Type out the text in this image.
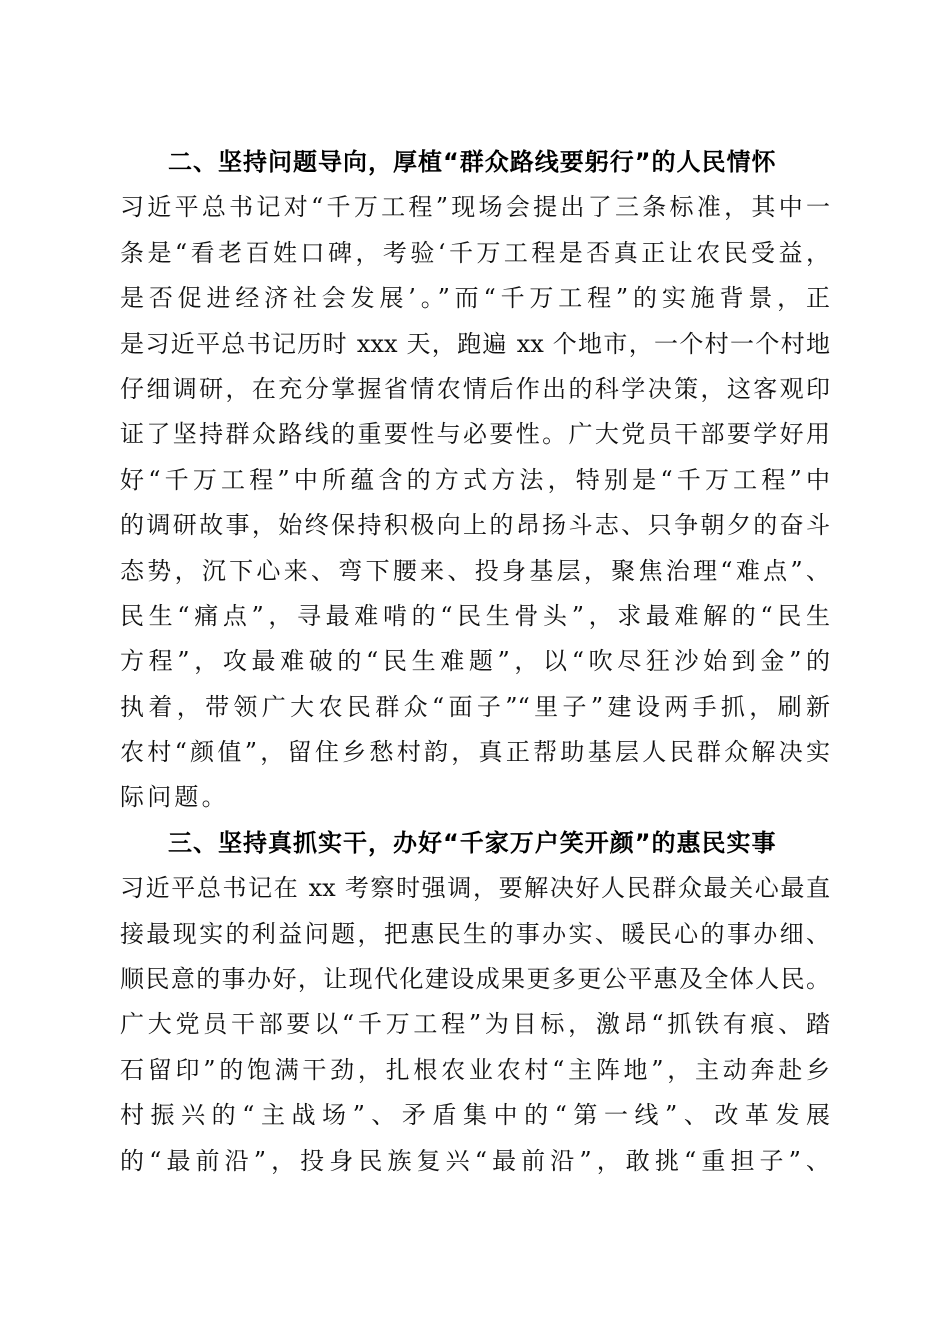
二、坚持问题导向，厚植“群众路线要躬行”的人民情怀
习近平总书记对“千万工程”现场会提出了三条标准，其中一
条是“看老百姓口碑，考验‘千万工程是否真正让农民受益，
是否促进经济社会发展’。”而“千万工程”的实施背景，正
是习近平总书记历时 xxx 天，跑遍 xx 个地市，一个村一个村地
仔细调研，在充分掌握省情农情后作出的科学决策，这客观印
证了坚持群众路线的重要性与必要性。广大党员干部要学好用
好“千万工程”中所蕴含的方式方法，特别是“千万工程”中
的调研故事，始终保持积极向上的昂扬斗志、只争朝夕的奋斗
态势，沉下心来、弯下腰来、投身基层，聚焦治理“难点”、
民生“痛点”，寻最难啃的“民生骨头”，求最难解的“民生
方程”，攻最难破的“民生难题”，以“吹尽狂沙始到金”的
执着，带领广大农民群众“面子”“里子”建设两手抓，刷新
农村“颜值”，留住乡愁村韵，真正帮助基层人民群众解决实
际问题。
三、坚持真抓实干，办好“千家万户笑开颜”的惠民实事
习近平总书记在 xx 考察时强调，要解决好人民群众最关心最直
接最现实的利益问题，把惠民生的事办实、暖民心的事办细、
顺民意的事办好，让现代化建设成果更多更公平惠及全体人民。
广大党员干部要以“千万工程”为目标，激昂“抓铁有痕、踏
石留印”的饱满干劲，扎根农业农村“主阵地”，主动奔赴乡
村振兴的“主战场”、矛盾集中的“第一线”、改革发展
的“最前沿”，投身民族复兴“最前沿”，敢挑“重担子”、
